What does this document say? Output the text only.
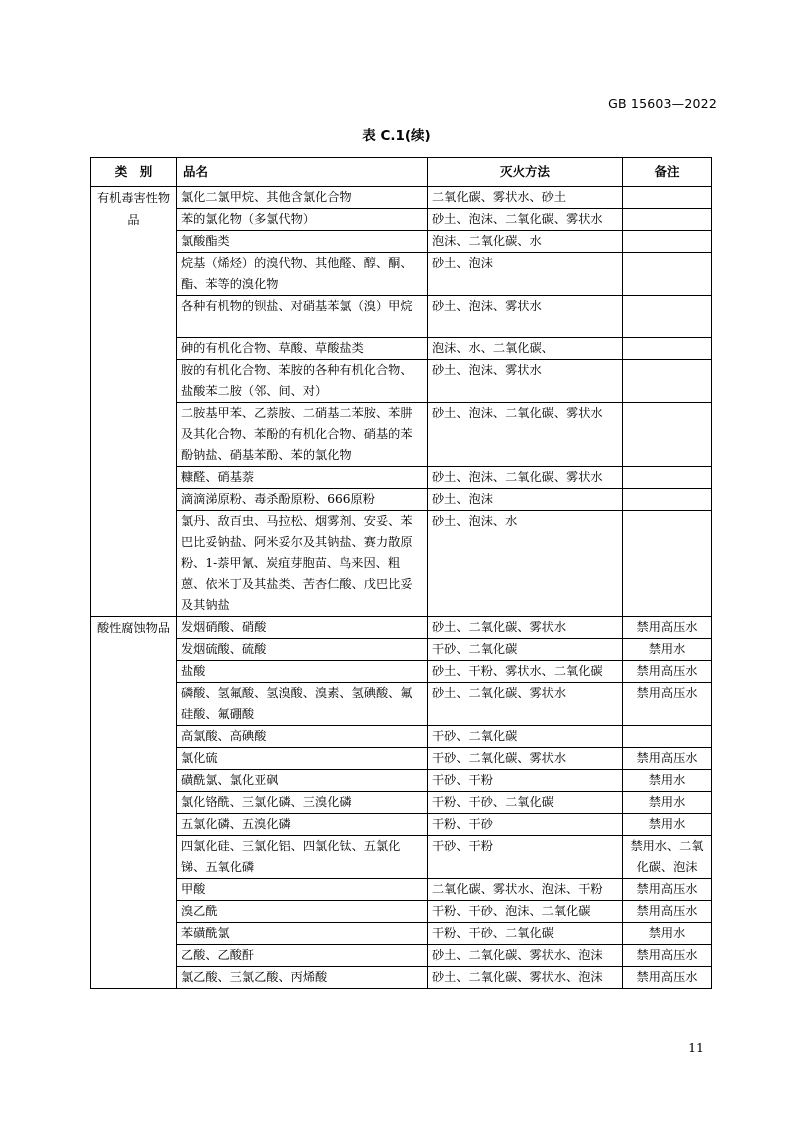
GB 15603—2022
表 C.1(续)
类　别	品名	灭火方法	备注
有机毒害性物品	氯化二氯甲烷、其他含氯化合物	二氧化碳、雾状水、砂土	
	苯的氯化物（多氯代物）	砂土、泡沫、二氧化碳、雾状水	
	氯酸酯类	泡沫、二氧化碳、水	
	烷基（烯烃）的溴代物、其他醛、醇、酮、酯、苯等的溴化物	砂土、泡沫	
	各种有机物的钡盐、对硝基苯氯（溴）甲烷	砂土、泡沫、雾状水	
	砷的有机化合物、草酸、草酸盐类	泡沫、水、二氧化碳、	
	胺的有机化合物、苯胺的各种有机化合物、盐酸苯二胺（邻、间、对）	砂土、泡沫、雾状水	
	二胺基甲苯、乙萘胺、二硝基二苯胺、苯肼及其化合物、苯酚的有机化合物、硝基的苯酚钠盐、硝基苯酚、苯的氯化物	砂土、泡沫、二氧化碳、雾状水	
	糠醛、硝基萘	砂土、泡沫、二氧化碳、雾状水	
	滴滴涕原粉、毒杀酚原粉、666原粉	砂土、泡沫	
	氯丹、敌百虫、马拉松、烟雾剂、安妥、苯巴比妥钠盐、阿米妥尔及其钠盐、赛力散原粉、1-萘甲氰、炭疽芽胞苗、鸟来因、粗蒽、依米丁及其盐类、苦杏仁酸、戊巴比妥及其钠盐	砂土、泡沫、水	
酸性腐蚀物品	发烟硝酸、硝酸	砂土、二氧化碳、雾状水	禁用高压水
	发烟硫酸、硫酸	干砂、二氧化碳	禁用水
	盐酸	砂土、干粉、雾状水、二氧化碳	禁用高压水
	磷酸、氢氟酸、氢溴酸、溴素、氢碘酸、氟硅酸、氟硼酸	砂土、二氧化碳、雾状水	禁用高压水
	高氯酸、高碘酸	干砂、二氧化碳	
	氯化硫	干砂、二氧化碳、雾状水	禁用高压水
	磺酰氯、氯化亚砜	干砂、干粉	禁用水
	氯化铬酰、三氯化磷、三溴化磷	干粉、干砂、二氧化碳	禁用水
	五氯化磷、五溴化磷	干粉、干砂	禁用水
	四氯化硅、三氯化铝、四氯化钛、五氯化锑、五氧化磷	干砂、干粉	禁用水、二氧化碳、泡沫
	甲酸	二氧化碳、雾状水、泡沫、干粉	禁用高压水
	溴乙酰	干粉、干砂、泡沫、二氧化碳	禁用高压水
	苯磺酰氯	干粉、干砂、二氧化碳	禁用水
	乙酸、乙酸酐	砂土、二氧化碳、雾状水、泡沫	禁用高压水
	氯乙酸、三氯乙酸、丙烯酸	砂土、二氧化碳、雾状水、泡沫	禁用高压水
11
